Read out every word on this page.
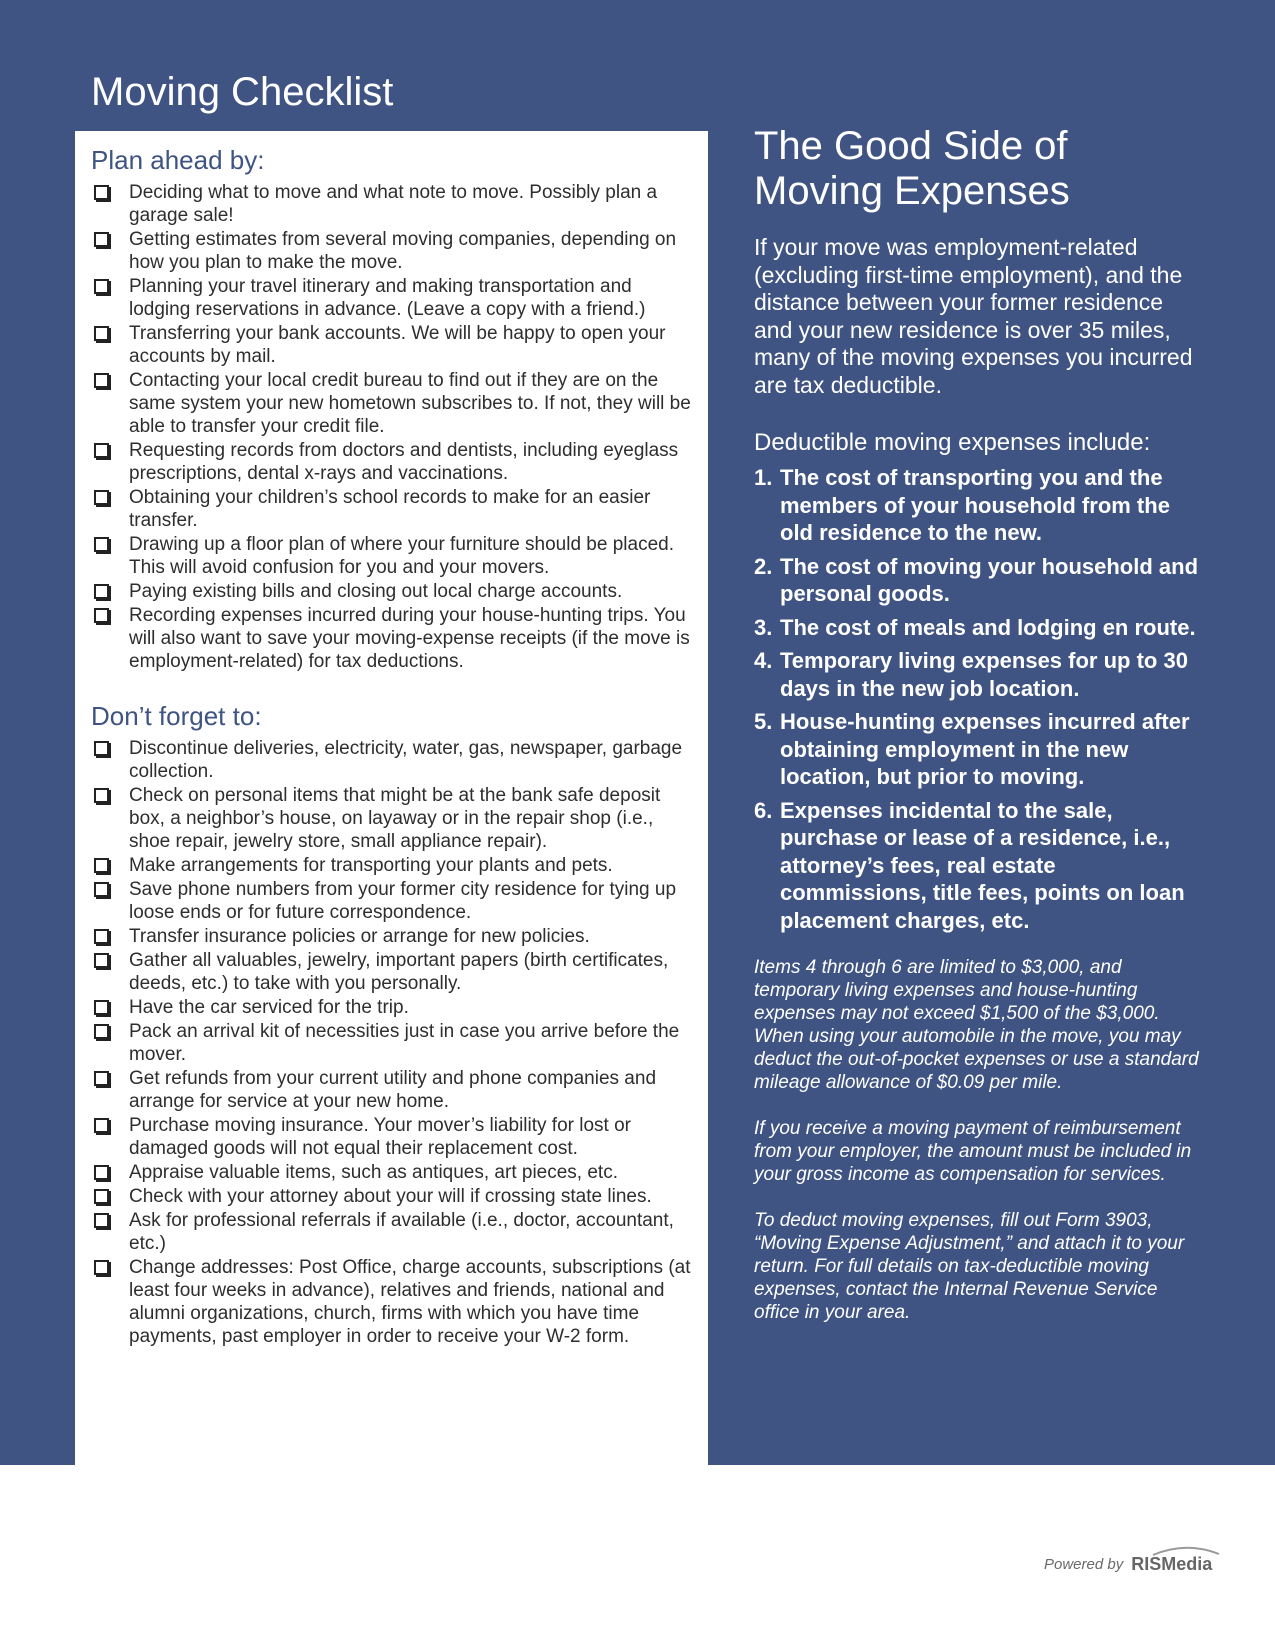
Moving Checklist
Plan ahead by:
Deciding what to move and what note to move. Possibly plan a garage sale!
Getting estimates from several moving companies, depending on how you plan to make the move.
Planning your travel itinerary and making transportation and lodging reservations in advance. (Leave a copy with a friend.)
Transferring your bank accounts. We will be happy to open your accounts by mail.
Contacting your local credit bureau to find out if they are on the same system your new hometown subscribes to. If not, they will be able to transfer your credit file.
Requesting records from doctors and dentists, including eyeglass prescriptions, dental x-rays and vaccinations.
Obtaining your children’s school records to make for an easier transfer.
Drawing up a floor plan of where your furniture should be placed. This will avoid confusion for you and your movers.
Paying existing bills and closing out local charge accounts.
Recording expenses incurred during your house-hunting trips. You will also want to save your moving-expense receipts (if the move is employment-related) for tax deductions.
Don’t forget to:
Discontinue deliveries, electricity, water, gas, newspaper, garbage collection.
Check on personal items that might be at the bank safe deposit box, a neighbor’s house, on layaway or in the repair shop (i.e., shoe repair, jewelry store, small appliance repair).
Make arrangements for transporting your plants and pets.
Save phone numbers from your former city residence for tying up loose ends or for future correspondence.
Transfer insurance policies or arrange for new policies.
Gather all valuables, jewelry, important papers (birth certificates, deeds, etc.) to take with you personally.
Have the car serviced for the trip.
Pack an arrival kit of necessities just in case you arrive before the mover.
Get refunds from your current utility and phone companies and arrange for service at your new home.
Purchase moving insurance. Your mover’s liability for lost or damaged goods will not equal their replacement cost.
Appraise valuable items, such as antiques, art pieces, etc.
Check with your attorney about your will if crossing state lines.
Ask for professional referrals if available (i.e., doctor, accountant, etc.)
Change addresses: Post Office, charge accounts, subscriptions (at least four weeks in advance), relatives and friends, national and alumni organizations, church, firms with which you have time payments, past employer in order to receive your W-2 form.
The Good Side of
Moving Expenses

If your move was employment-related (excluding first-time employment), and the distance between your former residence and your new residence is over 35 miles, many of the moving expenses you incurred are tax deductible.

Deductible moving expenses include:
1. The cost of transporting you and the members of your household from the old residence to the new.
2. The cost of moving your household and personal goods.
3. The cost of meals and lodging en route.
4. Temporary living expenses for up to 30 days in the new job location.
5. House-hunting expenses incurred after obtaining employment in the new location, but prior to moving.
6. Expenses incidental to the sale, purchase or lease of a residence, i.e., attorney’s fees, real estate commissions, title fees, points on loan placement charges, etc.

Items 4 through 6 are limited to $3,000, and temporary living expenses and house-hunting expenses may not exceed $1,500 of the $3,000. When using your automobile in the move, you may deduct the out-of-pocket expenses or use a standard mileage allowance of $0.09 per mile.

If you receive a moving payment of reimbursement from your employer, the amount must be included in your gross income as compensation for services.

To deduct moving expenses, fill out Form 3903, “Moving Expense Adjustment,” and attach it to your return. For full details on tax-deductible moving expenses, contact the Internal Revenue Service office in your area.

Powered by RISMedia
